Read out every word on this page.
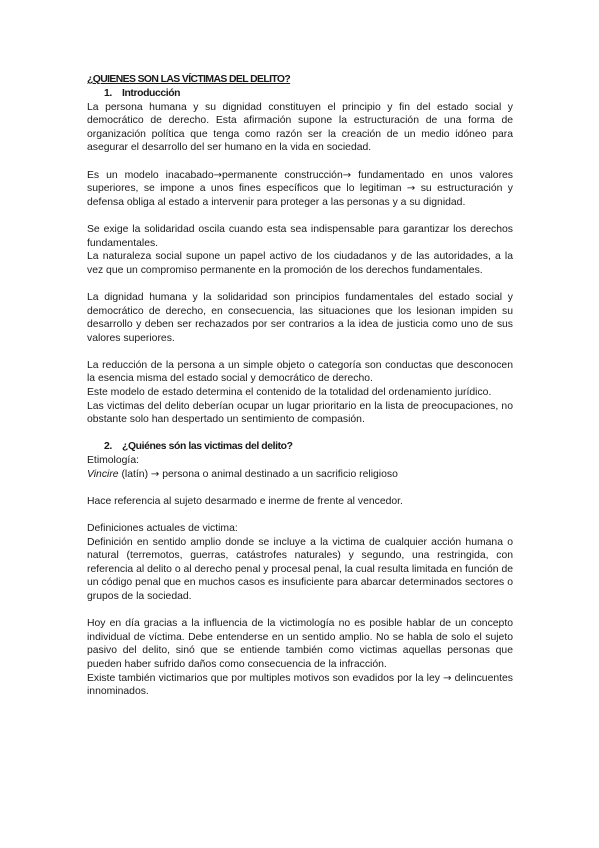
¿QUIENES SON LAS VÍCTIMAS DEL DELITO?
1. Introducción

La persona humana y su dignidad constituyen el principio y fin del estado social y democrático de derecho. Esta afirmación supone la estructuración de una forma de organización política que tenga como razón ser la creación de un medio idóneo para asegurar el desarrollo del ser humano en la vida en sociedad.

Es un modelo inacabado→permanente construcción→ fundamentado en unos valores superiores, se impone a unos fines específicos que lo legitiman → su estructuración y defensa obliga al estado a intervenir para proteger a las personas y a su dignidad.

Se exige la solidaridad oscila cuando esta sea indispensable para garantizar los derechos fundamentales.

La naturaleza social supone un papel activo de los ciudadanos y de las autoridades, a la vez que un compromiso permanente en la promoción de los derechos fundamentales.

La dignidad humana y la solidaridad son principios fundamentales del estado social y democrático de derecho, en consecuencia, las situaciones que los lesionan impiden su desarrollo y deben ser rechazados por ser contrarios a la idea de justicia como uno de sus valores superiores.

La reducción de la persona a un simple objeto o categoría son conductas que desconocen la esencia misma del estado social y democrático de derecho.

Este modelo de estado determina el contenido de la totalidad del ordenamiento jurídico.

Las victimas del delito deberían ocupar un lugar prioritario en la lista de preocupaciones, no obstante solo han despertado un sentimiento de compasión.

2. ¿Quiénes són las victimas del delito?

Etimología:

Vincire (latín) → persona o animal destinado a un sacrificio religioso

Hace referencia al sujeto desarmado e inerme de frente al vencedor.

Definiciones actuales de victima:

Definición en sentido amplio donde se incluye a la victima de cualquier acción humana o natural (terremotos, guerras, catástrofes naturales) y segundo, una restringida, con referencia al delito o al derecho penal y procesal penal, la cual resulta limitada en función de un código penal que en muchos casos es insuficiente para abarcar determinados sectores o grupos de la sociedad.

Hoy en día gracias a la influencia de la victimología no es posible hablar de un concepto individual de víctima. Debe entenderse en un sentido amplio. No se habla de solo el sujeto pasivo del delito, sinó que se entiende también como victimas aquellas personas que pueden haber sufrido daños como consecuencia de la infracción.

Existe también victimarios que por multiples motivos son evadidos por la ley → delincuentes innominados.
